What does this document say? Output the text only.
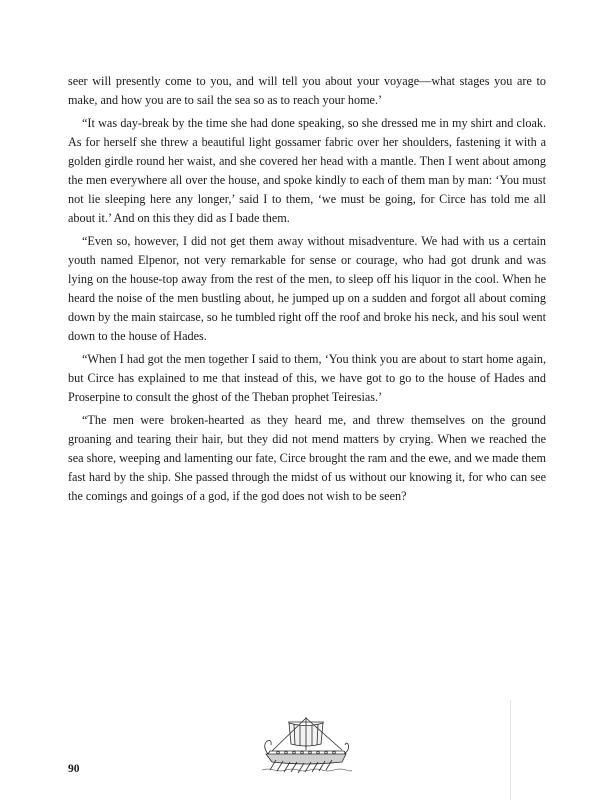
seer will presently come to you, and will tell you about your voyage—what stages you are to make, and how you are to sail the sea so as to reach your home.’

“It was day-break by the time she had done speaking, so she dressed me in my shirt and cloak. As for herself she threw a beautiful light gossamer fabric over her shoulders, fastening it with a golden girdle round her waist, and she covered her head with a mantle. Then I went about among the men everywhere all over the house, and spoke kindly to each of them man by man: ‘You must not lie sleeping here any longer,’ said I to them, ‘we must be going, for Circe has told me all about it.’ And on this they did as I bade them.

“Even so, however, I did not get them away without misadventure. We had with us a certain youth named Elpenor, not very remarkable for sense or courage, who had got drunk and was lying on the house-top away from the rest of the men, to sleep off his liquor in the cool. When he heard the noise of the men bustling about, he jumped up on a sudden and forgot all about coming down by the main staircase, so he tumbled right off the roof and broke his neck, and his soul went down to the house of Hades.

“When I had got the men together I said to them, ‘You think you are about to start home again, but Circe has explained to me that instead of this, we have got to go to the house of Hades and Proserpine to consult the ghost of the Theban prophet Teiresias.’

“The men were broken-hearted as they heard me, and threw themselves on the ground groaning and tearing their hair, but they did not mend matters by crying. When we reached the sea shore, weeping and lamenting our fate, Circe brought the ram and the ewe, and we made them fast hard by the ship. She passed through the midst of us without our knowing it, for who can see the comings and goings of a god, if the god does not wish to be seen?

90
